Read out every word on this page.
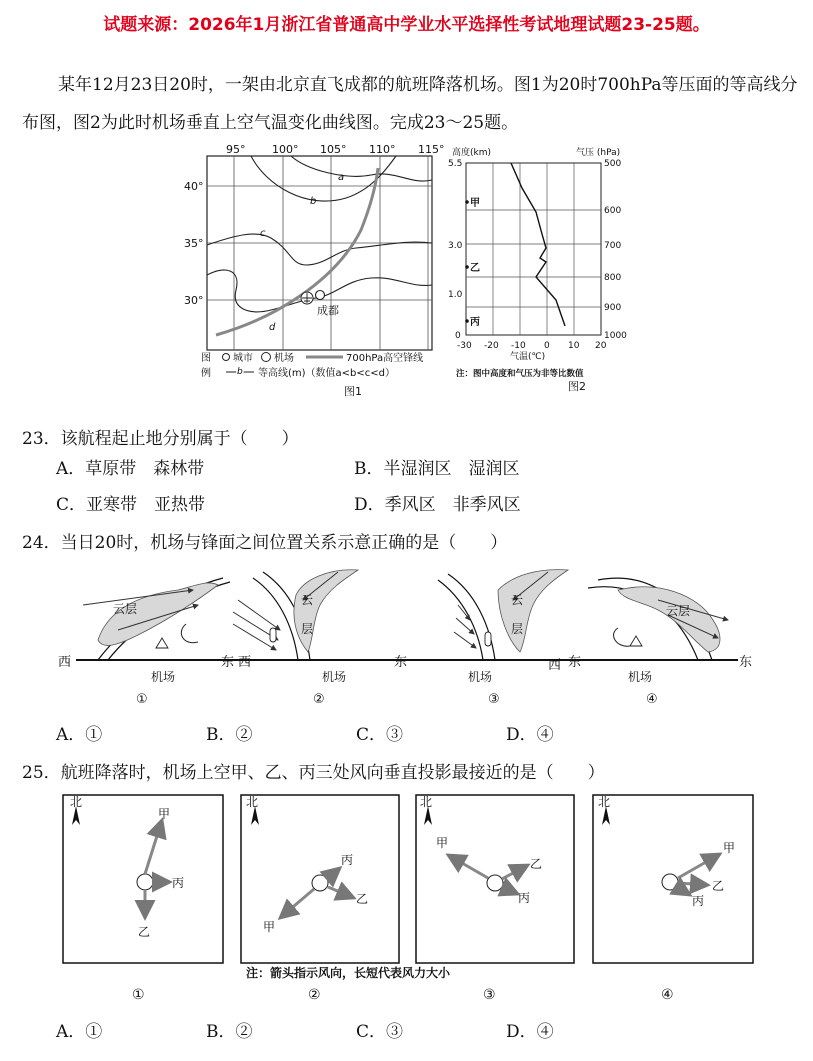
试题来源：2026年1月浙江省普通高中学业水平选择性考试地理试题23-25题。
某年12月23日20时，一架由北京直飞成都的航班降落机场。图1为20时700hPa等压面的等高线分布图，图2为此时机场垂直上空气温变化曲线图。完成23～25题。
95° 100° 105° 110° 115°
40°
35°
30°
a
b
c
d
成都
图
例
城市 机场	700hPa高空锋线
b 等高线(m)（数值a<b<c<d）
图1
高度(km)	气压 (hPa)
5.5
3.0
1.0
0
500
600
700
800
900
1000
-30 -20 -10 0 10 20
气温(℃)
甲
乙
丙
注：图中高度和气压为非等比数值
图2
23．该航程起止地分别属于（　　）
A．草原带　森林带	B．半湿润区　湿润区
C．亚寒带　亚热带	D．季风区　非季风区
24．当日20时，机场与锋面之间位置关系示意正确的是（　　）
云层
西	东
机场
①
云
层
西	东
机场
②
云
层
东
机场
③
云层
东
机场
④
西
A．①	B．②	C．③	D．④
25．航班降落时，机场上空甲、乙、丙三处风向垂直投影最接近的是（　　）
北
甲
丙
乙
北
甲
丙
乙
北
甲
乙
丙
北
甲
乙
丙
注：箭头指示风向，长短代表风力大小
①	②	③	④
A．①	B．②	C．③	D．④
